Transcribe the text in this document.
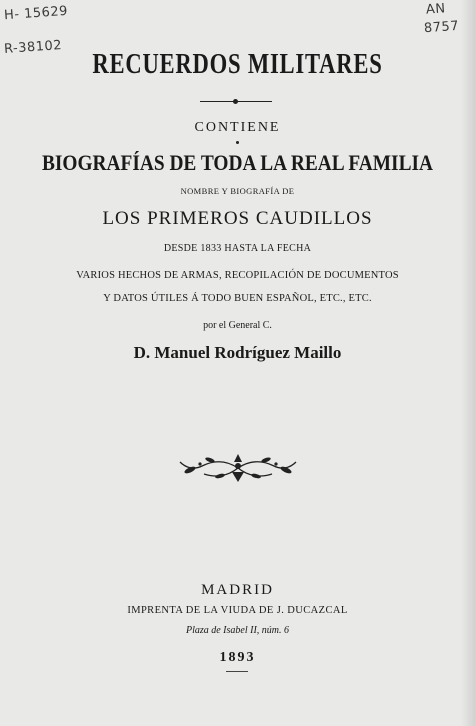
H- 15629
R-38102
AN
8757
RECUERDOS MILITARES
CONTIENE
BIOGRAFÍAS DE TODA LA REAL FAMILIA
NOMBRE Y BIOGRAFÍA DE
LOS PRIMEROS CAUDILLOS
DESDE 1833 HASTA LA FECHA
VARIOS HECHOS DE ARMAS, RECOPILACIÓN DE DOCUMENTOS
Y DATOS ÚTILES Á TODO BUEN ESPAÑOL, ETC., ETC.
por el General C.
D. Manuel Rodríguez Maillo
MADRID
IMPRENTA DE LA VIUDA DE J. DUCAZCAL
Plaza de Isabel II, núm. 6
1893
